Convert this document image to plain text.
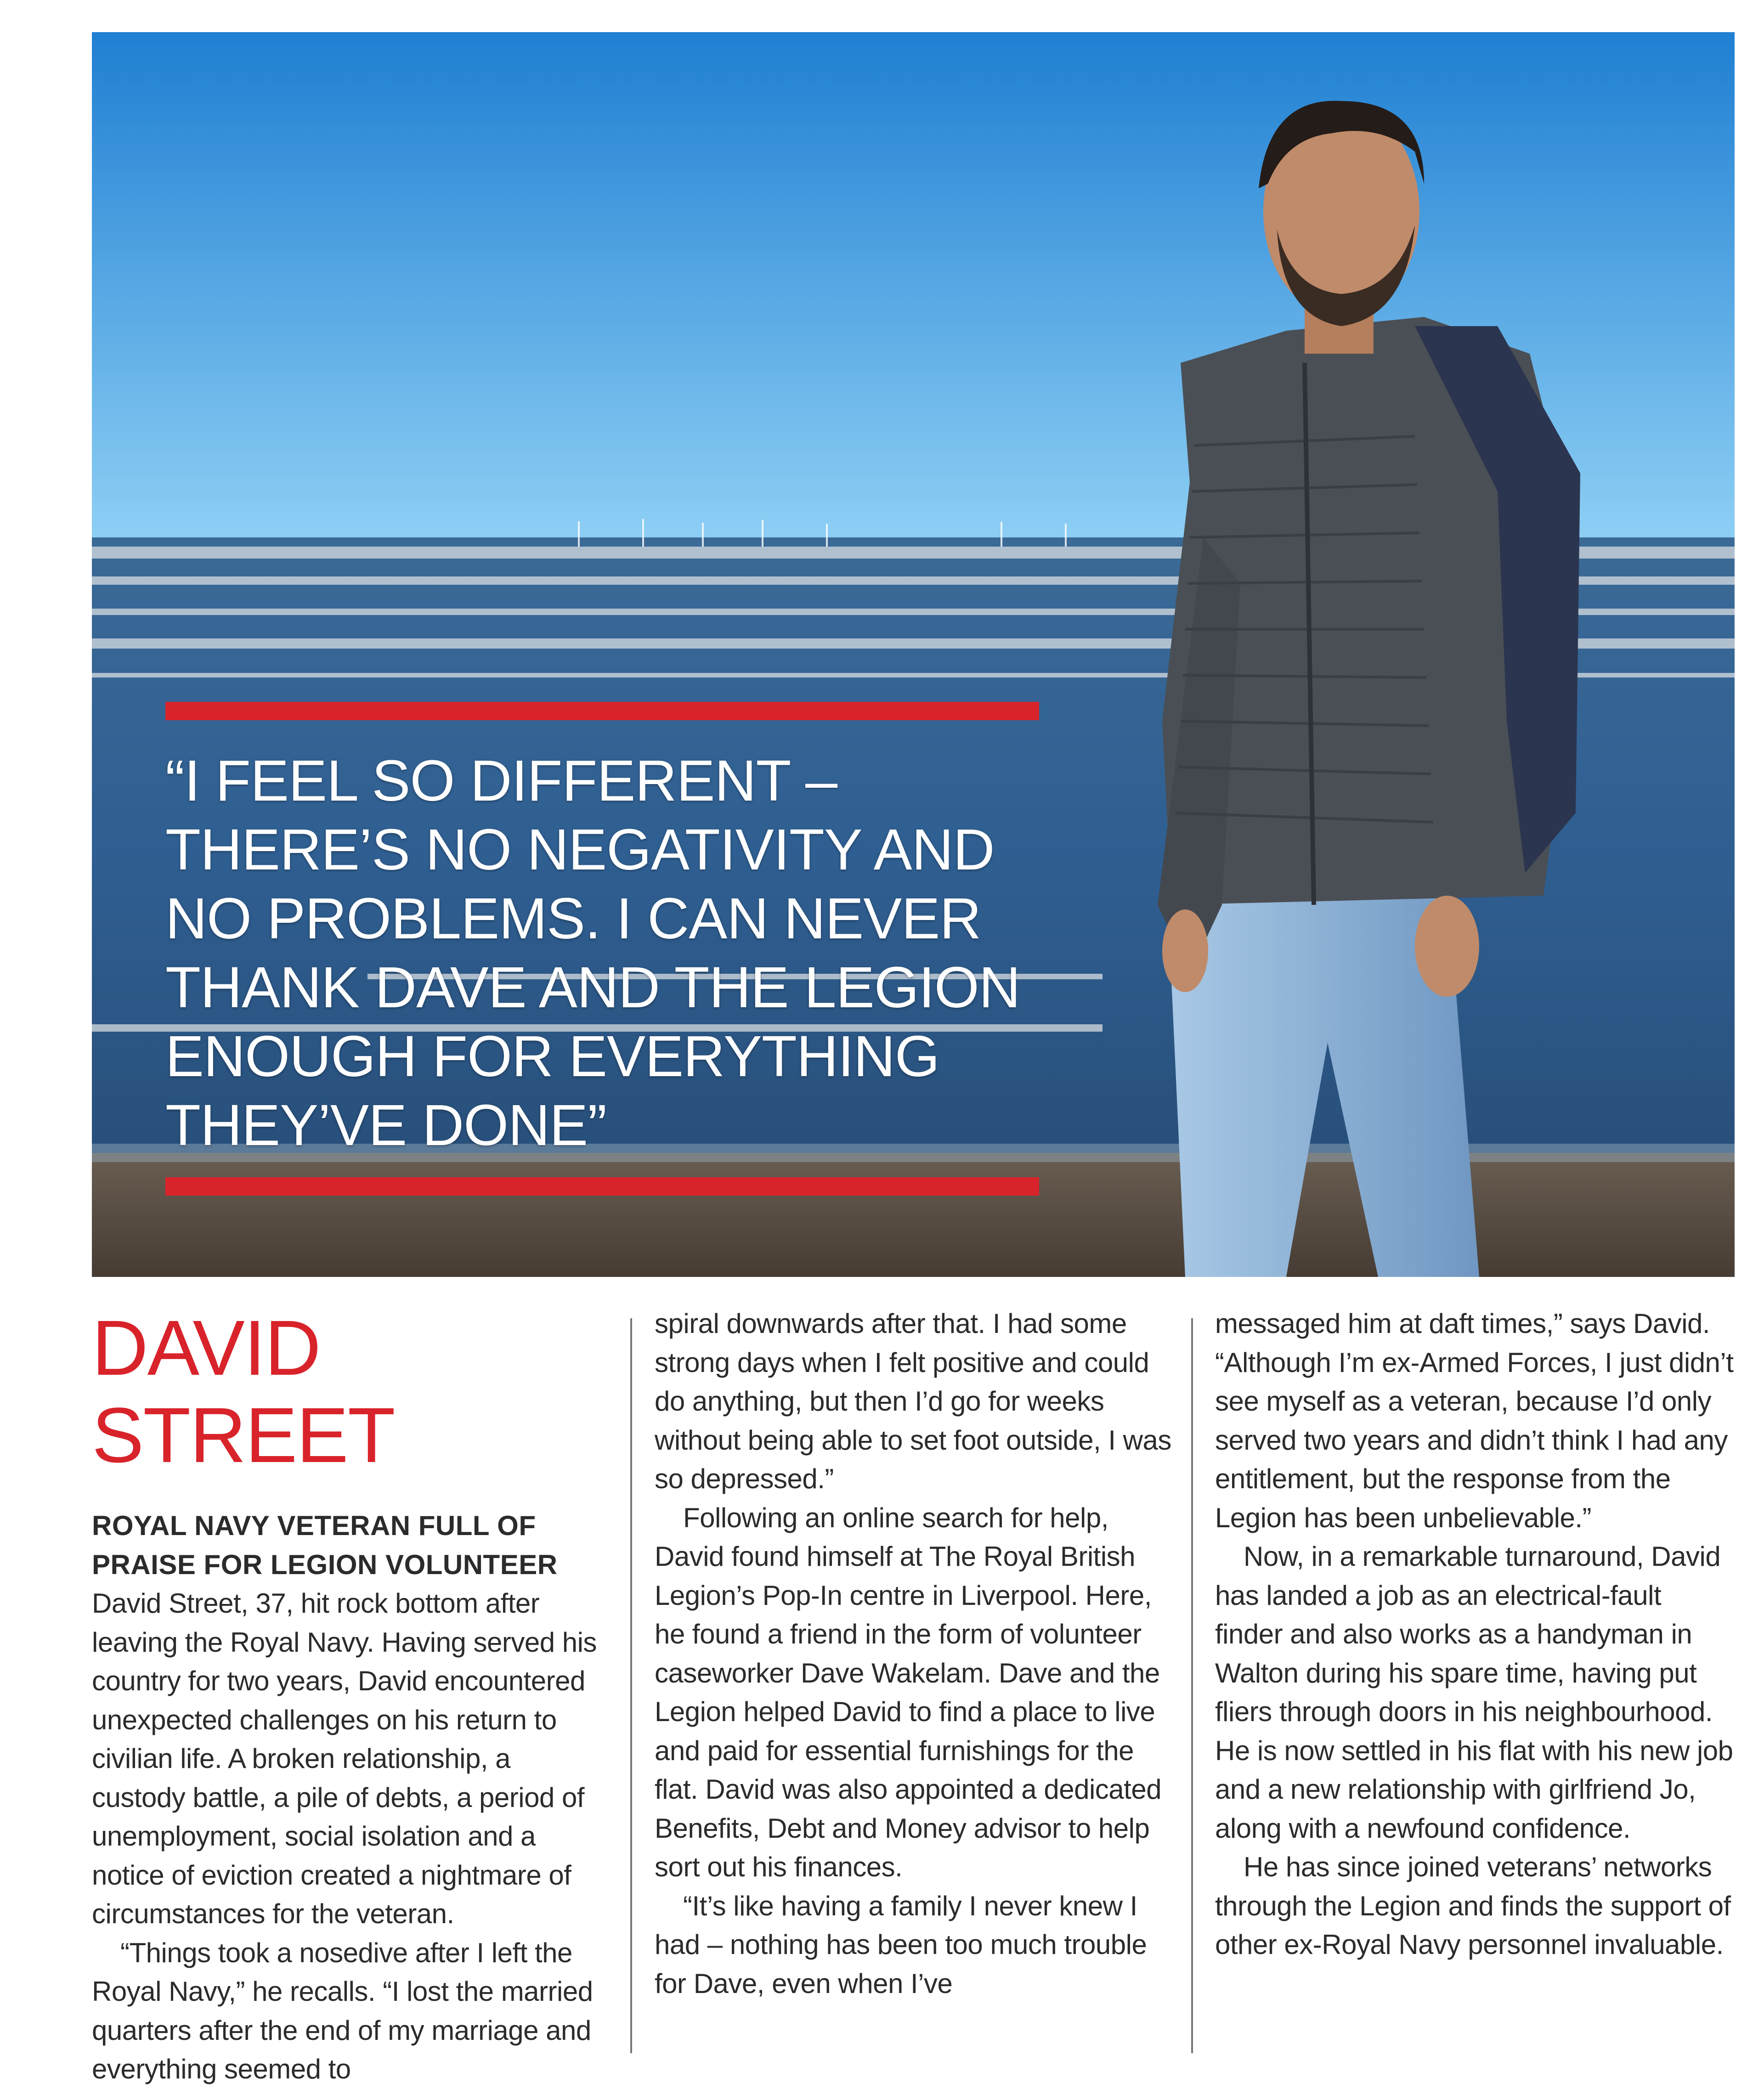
“I FEEL SO DIFFERENT – THERE’S NO NEGATIVITY AND NO PROBLEMS. I CAN NEVER THANK DAVE AND THE LEGION ENOUGH FOR EVERYTHING THEY’VE DONE”
DAVID STREET
ROYAL NAVY VETERAN FULL OF PRAISE FOR LEGION VOLUNTEER

David Street, 37, hit rock bottom after leaving the Royal Navy. Having served his country for two years, David encountered unexpected challenges on his return to civilian life. A broken relationship, a custody battle, a pile of debts, a period of unemployment, social isolation and a notice of eviction created a nightmare of circumstances for the veteran.

“Things took a nosedive after I left the Royal Navy,” he recalls. “I lost the married quarters after the end of my marriage and everything seemed to

spiral downwards after that. I had some strong days when I felt positive and could do anything, but then I’d go for weeks without being able to set foot outside, I was so depressed.”

Following an online search for help, David found himself at The Royal British Legion’s Pop-In centre in Liverpool. Here, he found a friend in the form of volunteer caseworker Dave Wakelam. Dave and the Legion helped David to find a place to live and paid for essential furnishings for the flat. David was also appointed a dedicated Benefits, Debt and Money advisor to help sort out his finances.

“It’s like having a family I never knew I had – nothing has been too much trouble for Dave, even when I’ve

messaged him at daft times,” says David. “Although I’m ex-Armed Forces, I just didn’t see myself as a veteran, because I’d only served two years and didn’t think I had any entitlement, but the response from the Legion has been unbelievable.”

Now, in a remarkable turnaround, David has landed a job as an electrical-fault finder and also works as a handyman in Walton during his spare time, having put fliers through doors in his neighbourhood. He is now settled in his flat with his new job and a new relationship with girlfriend Jo, along with a newfound confidence.

He has since joined veterans’ networks through the Legion and finds the support of other ex-Royal Navy personnel invaluable.
